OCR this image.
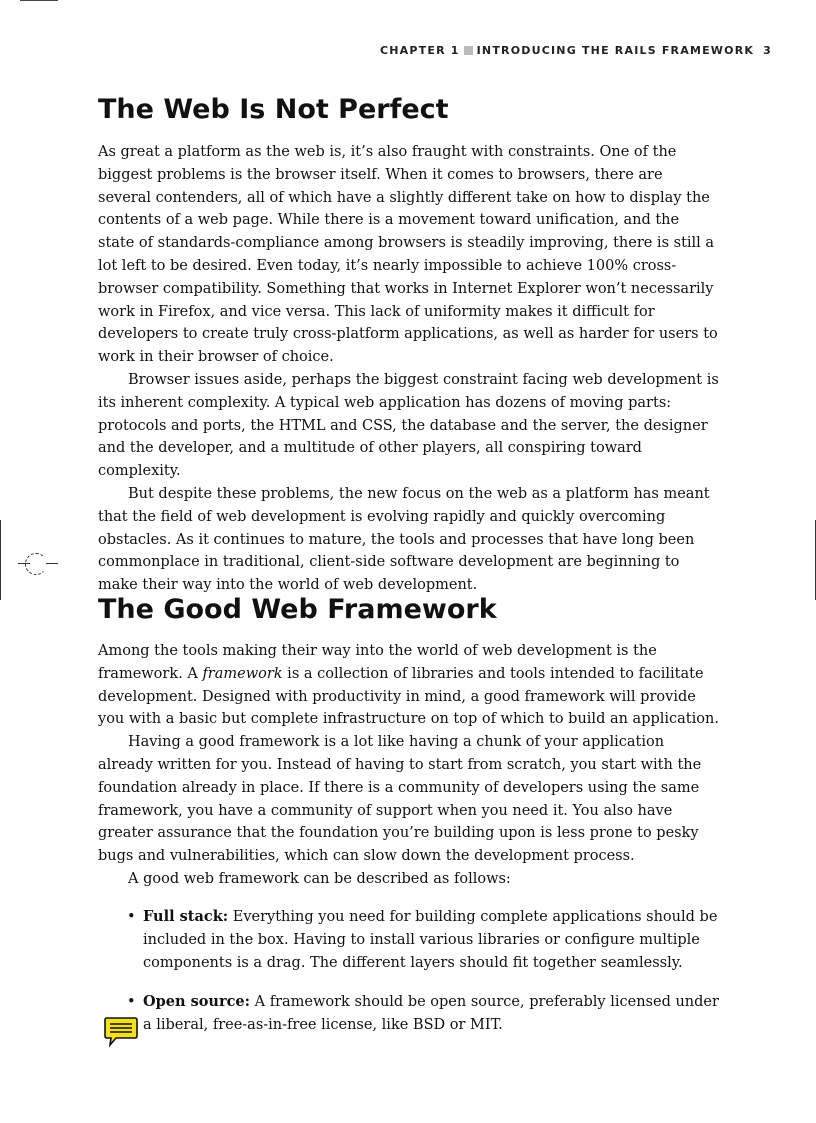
CHAPTER 1 INTRODUCING THE RAILS FRAMEWORK 3
The Web Is Not Perfect

As great a platform as the web is, it’s also fraught with constraints. One of the biggest problems is the browser itself. When it comes to browsers, there are several contenders, all of which have a slightly different take on how to display the contents of a web page. While there is a movement toward unification, and the state of standards-compliance among browsers is steadily improving, there is still a lot left to be desired. Even today, it’s nearly impossible to achieve 100% cross-browser compatibility. Something that works in Internet Explorer won’t necessarily work in Firefox, and vice versa. This lack of uniformity makes it difficult for developers to create truly cross-platform applications, as well as harder for users to work in their browser of choice.

Browser issues aside, perhaps the biggest constraint facing web development is its inherent complexity. A typical web application has dozens of moving parts: protocols and ports, the HTML and CSS, the database and the server, the designer and the developer, and a multitude of other players, all conspiring toward complexity.

But despite these problems, the new focus on the web as a platform has meant that the field of web development is evolving rapidly and quickly overcoming obstacles. As it continues to mature, the tools and processes that have long been commonplace in traditional, client-side software development are beginning to make their way into the world of web development.

The Good Web Framework

Among the tools making their way into the world of web development is the framework. A framework is a collection of libraries and tools intended to facilitate development. Designed with productivity in mind, a good framework will provide you with a basic but complete infrastructure on top of which to build an application.

Having a good framework is a lot like having a chunk of your application already written for you. Instead of having to start from scratch, you start with the foundation already in place. If there is a community of developers using the same framework, you have a community of support when you need it. You also have greater assurance that the foundation you’re building upon is less prone to pesky bugs and vulnerabilities, which can slow down the development process.

A good web framework can be described as follows:

• Full stack: Everything you need for building complete applications should be included in the box. Having to install various libraries or configure multiple components is a drag. The different layers should fit together seamlessly.
• Open source: A framework should be open source, preferably licensed under a liberal, free-as-in-free license, like BSD or MIT.
